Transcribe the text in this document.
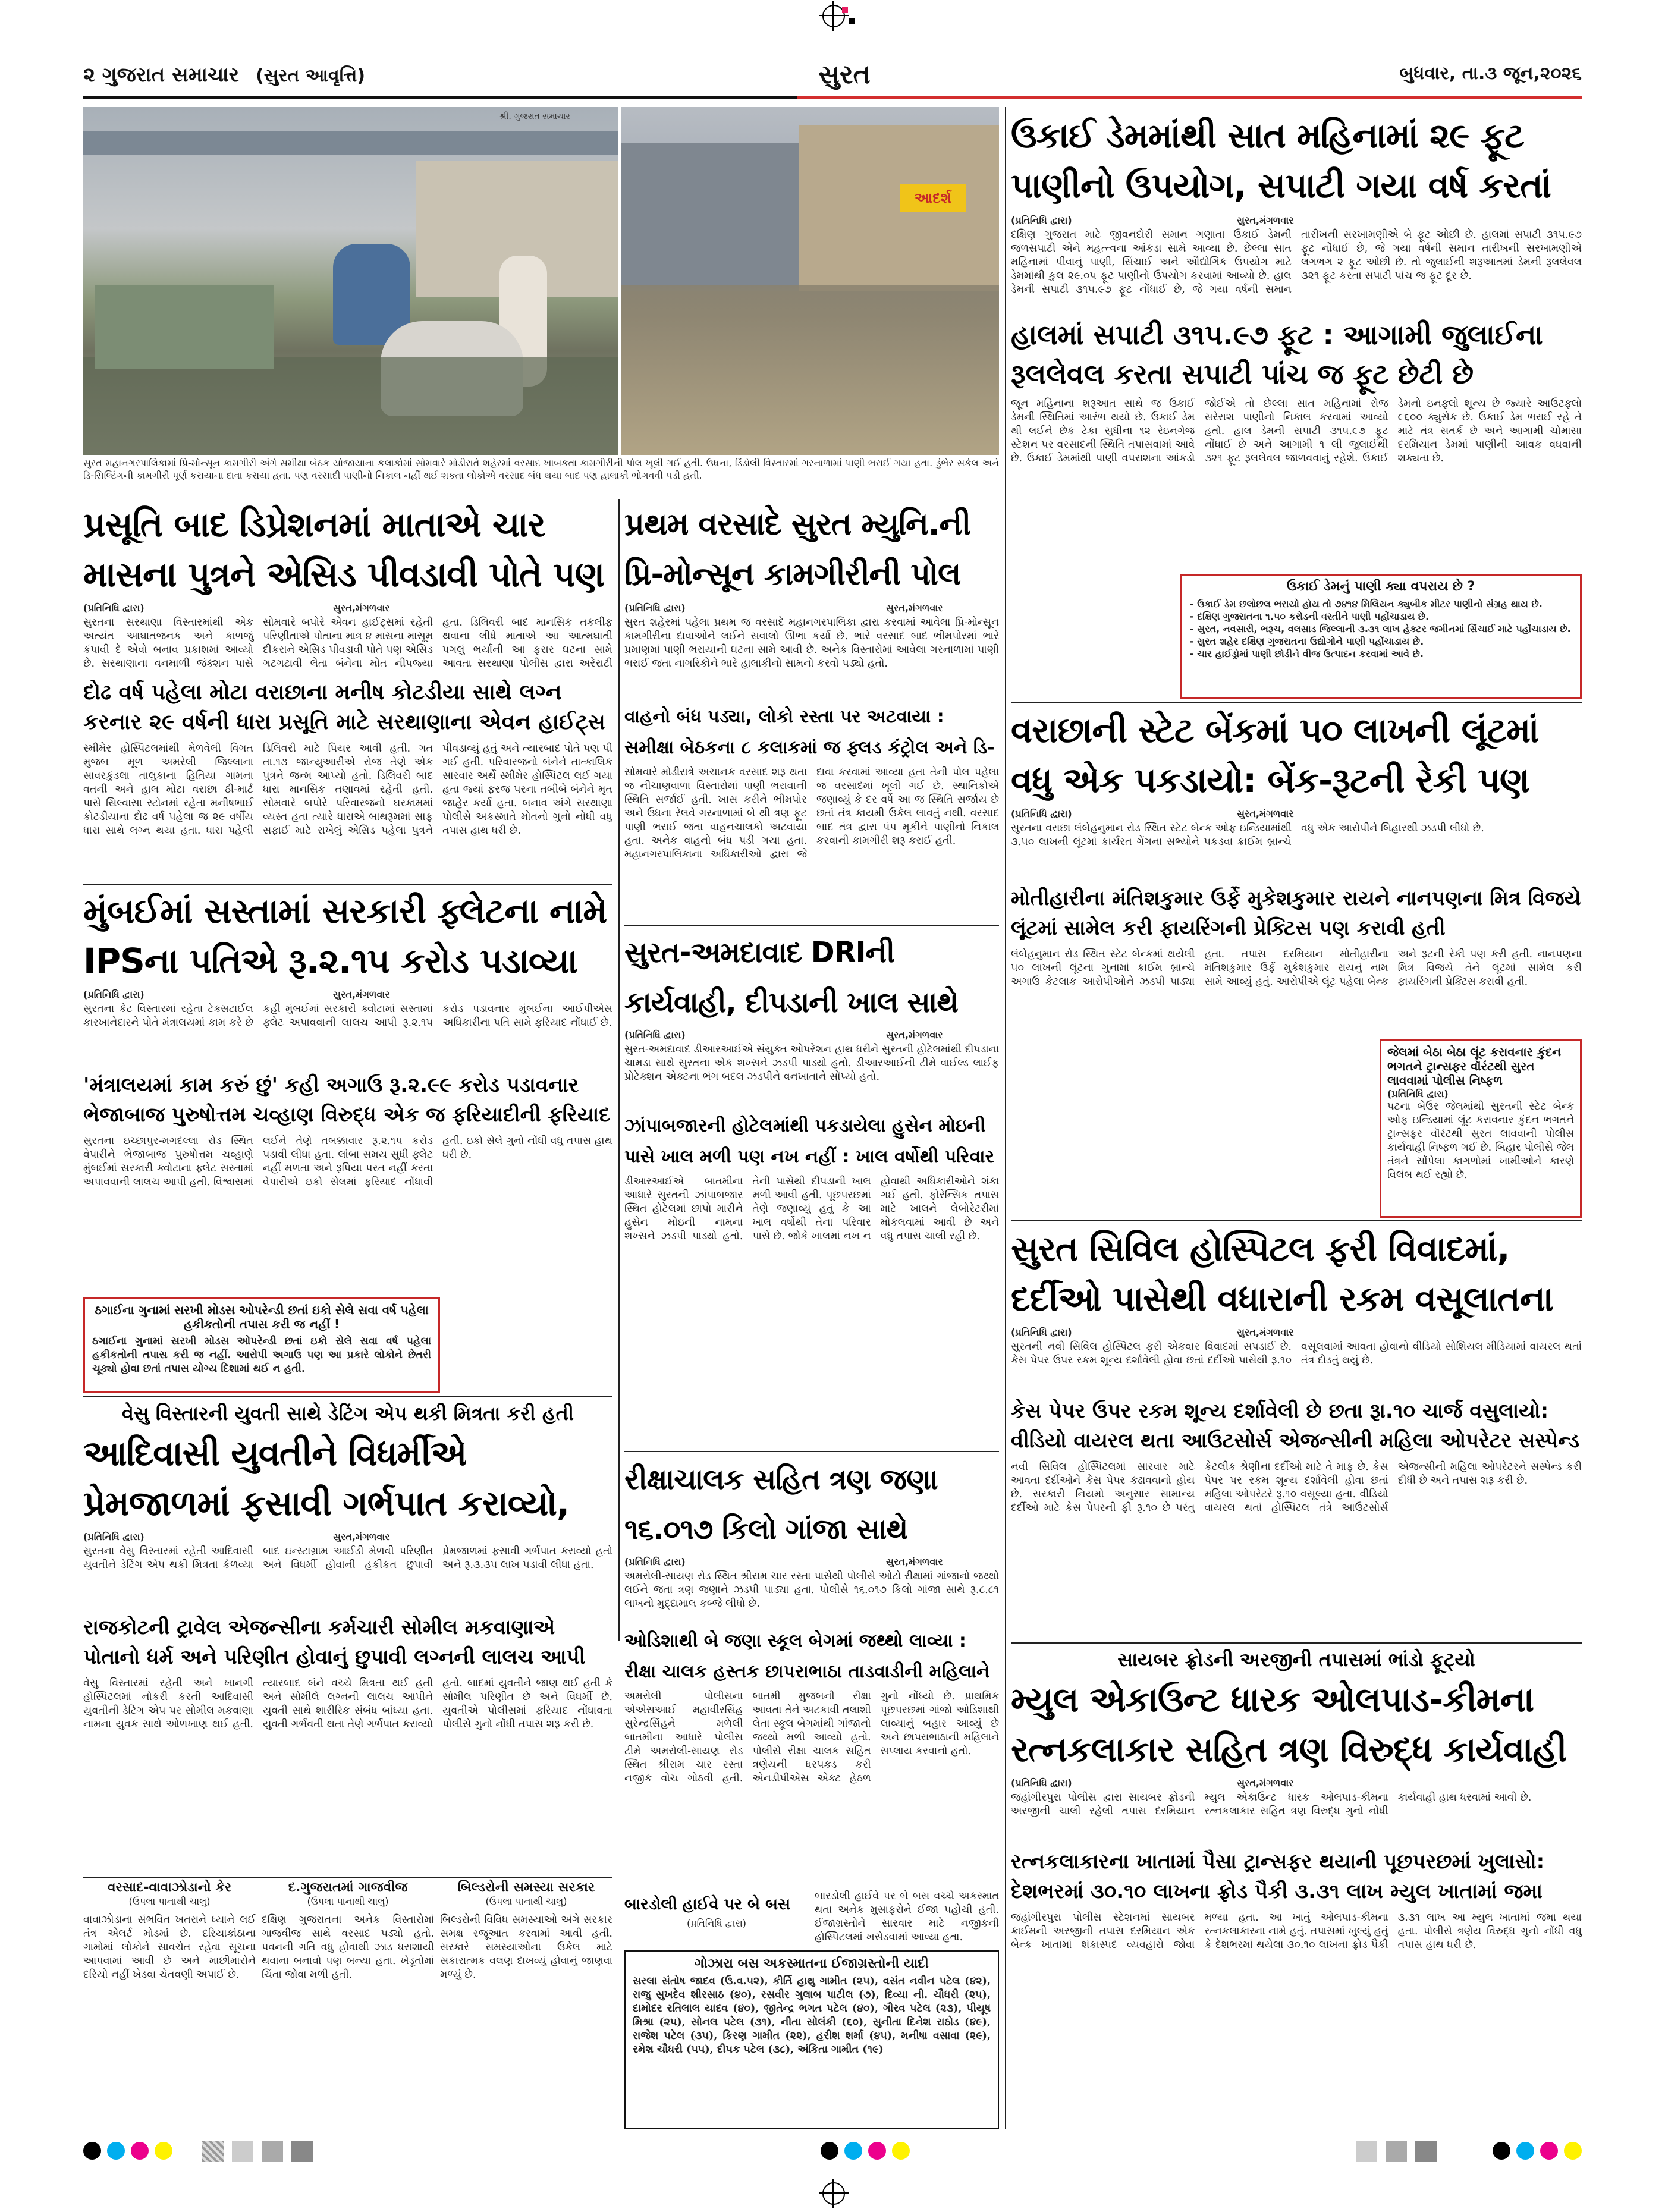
૨ ગુજરાત સમાચાર (સુરત આવૃત્તિ)	સુરત	બુધવાર, તા.૩ જૂન,૨૦૨૬
શ્રી. ગુજરાત સમાચાર
આદર્શ
સુરત મહાનગરપાલિકામાં પ્રિ-મોન્સૂન કામગીરી અંગે સમીક્ષા બેઠક યોજાયાના કલાકોમાં સોમવારે મોડીરાતે શહેરમાં વરસાદ ખાબકતા કામગીરીની પોલ ખૂલી ગઈ હતી. ઉધના, ડિંડોલી વિસ્તારમાં ગરનાળામાં પાણી ભરાઈ ગયા હતા. ડુંભેર સર્કલ અને ડિ-સિલ્ટિંગની કામગીરી પૂર્ણ કરાયાના દાવા કરાયા હતા. પણ વરસાદી પાણીનો નિકાલ નહીં થઈ શકતા લોકોએ વરસાદ બંધ થયા બાદ પણ હાલાકી ભોગવવી પડી હતી.
ઉકાઈ ડેમમાંથી સાત મહિનામાં ૨૯ ફૂટ પાણીનો ઉપયોગ, સપાટી ગયા વર્ષ કરતાં
(પ્રતિનિધિ દ્વારા)	સુરત,મંગળવાર
દક્ષિણ ગુજરાત માટે જીવનદોરી સમાન ગણાતા ઉકાઈ ડેમની જળસપાટી એને મહત્ત્વના આંકડા સામે આવ્યા છે. છેલ્લા સાત મહિનામાં પીવાનું પાણી, સિંચાઈ અને ઔદ્યોગિક ઉપયોગ માટે ડેમમાંથી કુલ ૨૯.૦૫ ફૂટ પાણીનો ઉપયોગ કરવામાં આવ્યો છે. હાલ ડેમની સપાટી ૩૧૫.૯૭ ફૂટ નોંધાઈ છે, જે ગયા વર્ષની સમાન તારીખની સરખામણીએ બે ફૂટ ઓછી છે. હાલમાં સપાટી ૩૧૫.૯૭ ફૂટ નોંધાઈ છે, જે ગયા વર્ષની સમાન તારીખની સરખામણીએ લગભગ ૨ ફૂટ ઓછી છે. તો જુલાઈની શરૂઆતમાં ડેમની રૂલલેવલ ૩૨૧ ફૂટ કરતા સપાટી પાંચ જ ફૂટ દૂર છે.
હાલમાં સપાટી ૩૧૫.૯૭ ફૂટ : આગામી જુલાઈના રૂલલેવલ કરતા સપાટી પાંચ જ ફૂટ છેટી છે
જૂન મહિનાના શરૂઆત સાથે જ ઉકાઈ ડેમની સ્થિતિમાં આરંભ થયો છે. ઉકાઈ ડેમ થી લઈને છેક ટેકા સુધીના ૧૨ રેઇનગેજ સ્ટેશન પર વરસાદની સ્થિતિ તપાસવામાં આવે છે. ઉકાઈ ડેમમાંથી પાણી વપરાશના આંકડો જોઈએ તો છેલ્લા સાત મહિનામાં રોજ સરેરાશ પાણીનો નિકાલ કરવામાં આવ્યો હતો. હાલ ડેમની સપાટી ૩૧૫.૯૭ ફૂટ નોંધાઈ છે અને આગામી ૧ લી જુલાઈથી ૩૨૧ ફૂટ રૂલલેવલ જાળવવાનું રહેશે. ઉકાઈ ડેમનો ઇનફ્લો શૂન્ય છે જ્યારે આઉટફ્લો ૯૬૦૦ ક્યુસેક છે. ઉકાઈ ડેમ ભરાઈ રહે તે માટે તંત્ર સતર્ક છે અને આગામી ચોમાસા દરમિયાન ડેમમાં પાણીની આવક વધવાની શક્યતા છે.
ઉકાઈ ડેમનું પાણી ક્યા વપરાય છે ?
- ઉકાઈ ડેમ છલોછલ ભરાયો હોય તો ૭૪૧૪ મિલિયન ક્યુબીક મીટર પાણીનો સંગ્રહ થાય છે.
- દક્ષિણ ગુજરાતના ૧.૫૦ કરોડની વસ્તીને પાણી પહોંચાડાય છે.
- સુરત, નવસારી, ભરૂચ, વલસાડ જિલ્લાની ૩.૩૧ લાખ હેક્ટર જમીનમાં સિંચાઈ માટે પહોંચાડાય છે.
- સુરત શહેર દક્ષિણ ગુજરાતના ઉદ્યોગોને પાણી પહોંચાડાય છે.
- ચાર હાઈડ્રોમાં પાણી છોડીને વીજ ઉત્પાદન કરવામાં આવે છે.
પ્રસૂતિ બાદ ડિપ્રેશનમાં માતાએ ચાર માસના પુત્રને એસિડ પીવડાવી પોતે પણ
(પ્રતિનિધિ દ્વારા)	સુરત,મંગળવાર
સુરતના સરથાણા વિસ્તારમાંથી એક અત્યંત આઘાતજનક અને કાળજું કંપાવી દે એવો બનાવ પ્રકાશમાં આવ્યો છે. સરથાણાના વનમાળી જંક્શન પાસે સોમવારે બપોરે એવન હાઈટ્સમાં રહેતી પરિણીતાએ પોતાના માત્ર ૪ માસના માસૂમ દીકરાને એસિડ પીવડાવી પોતે પણ એસિડ ગટગટાવી લેતા બંનેના મોત નીપજ્યા હતા. ડિલિવરી બાદ માનસિક તકલીફ થવાના લીધે માતાએ આ આત્મઘાતી પગલું ભર્યાની આ ફરાર ઘટના સામે આવતા સરથાણા પોલીસ દ્વારા અરેરાટી
દોઢ વર્ષ પહેલા મોટા વરાછાના મનીષ કોટડીયા સાથે લગ્ન કરનાર ૨૯ વર્ષની ધારા પ્રસૂતિ માટે સરથાણાના એવન હાઈટ્સ
સ્મીમેર હોસ્પિટલમાંથી મેળવેલી વિગત મુજબ મૂળ અમરેલી જિલ્લાના સાવરકુંડલા તાલુકાના હિતિયા ગામના વતની અને હાલ મોટા વરાછા ઠી-માર્ટ પાસે સિલ્વાસા સ્ટોનમાં રહેતા મનીષભાઈ કોટડીયાના દોઢ વર્ષ પહેલા જ ૨૯ વર્ષીય ધારા સાથે લગ્ન થયા હતા. ધારા પહેલી ડિલિવરી માટે પિયર આવી હતી. ગત તા.૧૩ જાન્યુઆરીએ રોજ તેણે એક પુત્રને જન્મ આપ્યો હતો. ડિલિવરી બાદ ધારા માનસિક તણાવમાં રહેતી હતી. સોમવારે બપોરે પરિવારજનો ઘરકામમાં વ્યસ્ત હતા ત્યારે ધારાએ બાથરૂમમાં સાફ સફાઈ માટે રાખેલું એસિડ પહેલા પુત્રને પીવડાવ્યું હતું અને ત્યારબાદ પોતે પણ પી ગઈ હતી. પરિવારજનો બંનેને તાત્કાલિક સારવાર અર્થે સ્મીમેર હોસ્પિટલ લઈ ગયા હતા જ્યાં ફરજ પરના તબીબે બંનેને મૃત જાહેર કર્યા હતા. બનાવ અંગે સરથાણા પોલીસે અકસ્માતે મોતનો ગુનો નોંધી વધુ તપાસ હાથ ધરી છે.
પ્રથમ વરસાદે સુરત મ્યુનિ.ની પ્રિ-મોન્સૂન કામગીરીની પોલ
(પ્રતિનિધિ દ્વારા)	સુરત,મંગળવાર
સુરત શહેરમાં પહેલા પ્રથમ જ વરસાદે મહાનગરપાલિકા દ્વારા કરવામાં આવેલા પ્રિ-મોન્સૂન કામગીરીના દાવાઓને લઈને સવાલો ઊભા કર્યા છે. ભારે વરસાદ બાદ ભીમપોરમાં ભારે પ્રમાણમાં પાણી ભરાયાની ઘટના સામે આવી છે. અનેક વિસ્તારોમાં આવેલા ગરનાળામાં પાણી ભરાઈ જતા નાગરિકોને ભારે હાલાકીનો સામનો કરવો પડ્યો હતો.
વાહનો બંધ પડ્યા, લોકો રસ્તા પર અટવાયા : સમીક્ષા બેઠકના ૮ કલાકમાં જ ફ્લડ કંટ્રોલ અને ડિ-
સોમવારે મોડીરાત્રે અચાનક વરસાદ શરૂ થતા જ નીચાણવાળા વિસ્તારોમાં પાણી ભરાવાની સ્થિતિ સર્જાઈ હતી. ખાસ કરીને ભીમપોર અને ઉધના રેલવે ગરનાળામાં બે થી ત્રણ ફૂટ પાણી ભરાઈ જતા વાહનચાલકો અટવાયા હતા. અનેક વાહનો બંધ પડી ગયા હતા. મહાનગરપાલિકાના અધિકારીઓ દ્વારા જે દાવા કરવામાં આવ્યા હતા તેની પોલ પહેલા જ વરસાદમાં ખૂલી ગઈ છે. સ્થાનિકોએ જણાવ્યું કે દર વર્ષે આ જ સ્થિતિ સર્જાય છે છતાં તંત્ર કાયમી ઉકેલ લાવતું નથી. વરસાદ બાદ તંત્ર દ્વારા પંપ મૂકીને પાણીનો નિકાલ કરવાની કામગીરી શરૂ કરાઈ હતી.
સુરત-અમદાવાદ DRIની કાર્યવાહી, દીપડાની ખાલ સાથે
(પ્રતિનિધિ દ્વારા)	સુરત,મંગળવાર
સુરત-અમદાવાદ ડીઆરઆઈએ સંયુક્ત ઓપરેશન હાથ ધરીને સુરતની હોટેલમાંથી દીપડાના ચામડા સાથે સુરતના એક શખ્સને ઝડપી પાડ્યો હતો. ડીઆરઆઈની ટીમે વાઈલ્ડ લાઈફ પ્રોટેક્શન એક્ટના ભંગ બદલ ઝડપીને વનખાતાને સોંપ્યો હતો.
ઝાંપાબજારની હોટેલમાંથી પકડાયેલા હુસેન મોઇની પાસે ખાલ મળી પણ નખ નહીં : ખાલ વર્ષોથી પરિવાર
ડીઆરઆઈએ બાતમીના આધારે સુરતની ઝાંપાબજાર સ્થિત હોટેલમાં છાપો મારીને હુસેન મોઇની નામના શખ્સને ઝડપી પાડ્યો હતો. તેની પાસેથી દીપડાની ખાલ મળી આવી હતી. પૂછપરછમાં તેણે જણાવ્યું હતું કે આ ખાલ વર્ષોથી તેના પરિવાર પાસે છે. જોકે ખાલમાં નખ ન હોવાથી અધિકારીઓને શંકા ગઈ હતી. ફોરેન્સિક તપાસ માટે ખાલને લેબોરેટરીમાં મોકલવામાં આવી છે અને વધુ તપાસ ચાલી રહી છે.
રીક્ષાચાલક સહિત ત્રણ જણા ૧૬.૦૧૭ કિલો ગાંજા સાથે
(પ્રતિનિધિ દ્વારા)	સુરત,મંગળવાર
અમરોલી-સાયણ રોડ સ્થિત શ્રીરામ ચાર રસ્તા પાસેથી પોલીસે ઓટો રીક્ષામાં ગાંજાનો જથ્થો લઈને જતા ત્રણ જણાને ઝડપી પાડ્યા હતા. પોલીસે ૧૬.૦૧૭ કિલો ગાંજા સાથે રૂ.૮.૮૧ લાખનો મુદ્દામાલ કબ્જે લીધો છે.
ઓડિશાથી બે જણા સ્કૂલ બેગમાં જથ્થો લાવ્યા : રીક્ષા ચાલક હસ્તક છાપરાભાઠા તાડવાડીની મહિલાને
અમરોલી પોલીસના એએસઆઈ મહાવીરસિંહ સુરેન્દ્રસિંહને મળેલી બાતમીના આધારે પોલીસ ટીમે અમરોલી-સાયણ રોડ સ્થિત શ્રીરામ ચાર રસ્તા નજીક વોચ ગોઠવી હતી. બાતમી મુજબની રીક્ષા આવતા તેને અટકાવી તલાશી લેતા સ્કૂલ બેગમાંથી ગાંજાનો જથ્થો મળી આવ્યો હતો. પોલીસે રીક્ષા ચાલક સહિત ત્રણેયની ધરપકડ કરી એનડીપીએસ એક્ટ હેઠળ ગુનો નોંધ્યો છે. પ્રાથમિક પૂછપરછમાં ગાંજો ઓડિશાથી લાવ્યાનું બહાર આવ્યું છે અને છાપરાભાઠાની મહિલાને સપ્લાય કરવાનો હતો.
બારડોલી હાઈવે પર બે બસ
(પ્રતિનિધિ દ્વારા)
બારડોલી હાઈવે પર બે બસ વચ્ચે અકસ્માત થતા અનેક મુસાફરોને ઈજા પહોંચી હતી. ઈજાગ્રસ્તોને સારવાર માટે નજીકની હોસ્પિટલમાં ખસેડવામાં આવ્યા હતા.
ગોઝારા બસ અકસ્માતના ઈજાગ્રસ્તોની યાદી
સરલા સંતોષ જાદવ (ઉ.વ.૫૨), કીર્તિ હાથુ ગામીત (૨૫), વસંત નવીન પટેલ (૪૨), રાજુ સુખદેવ શીરસાઠ (૪૦), રસવીર ગુલાબ પાટીલ (૭), દિવ્યા ની. ચૌધરી (૨૫), દામોદર રતિલાલ યાદવ (૪૦), જીતેન્દ્ર ભગત પટેલ (૪૦), ગૌરવ પટેલ (૨૩), પીયૂષ મિશ્રા (૨૫), સોનલ પટેલ (૩૧), નીતા સોલંકી (૬૦), સુનીતા દિનેશ રાઠોડ (૪૯), રાજેશ પટેલ (૩૫), કિરણ ગામીત (૨૨), હરીશ શર્મા (૪૫), મનીષા વસાવા (૨૯), રમેશ ચૌધરી (૫૫), દીપક પટેલ (૩૮), અંકિતા ગામીત (૧૯)
મુંબઈમાં સસ્તામાં સરકારી ફ્લેટના નામે IPSના પતિએ રૂ.૨.૧૫ કરોડ પડાવ્યા
(પ્રતિનિધિ દ્વારા)	સુરત,મંગળવાર
સુરતના કેટ વિસ્તારમાં રહેતા ટેક્સટાઈલ કારખાનેદારને પોતે મંત્રાલયમાં કામ કરે છે કહી મુંબઈમાં સરકારી ક્વોટામાં સસ્તામાં ફ્લેટ અપાવવાની લાલચ આપી રૂ.૨.૧૫ કરોડ પડાવનાર મુંબઈના આઈપીએસ અધિકારીના પતિ સામે ફરિયાદ નોંધાઈ છે.
'મંત્રાલયમાં કામ કરું છું' કહી અગાઉ રૂ.૨.૯૯ કરોડ પડાવનાર ભેજાબાજ પુરુષોત્તમ ચવ્હાણ વિરુદ્ધ એક જ ફરિયાદીની ફરિયાદ
સુરતના ઇચ્છાપુર-મગદલ્લા રોડ સ્થિત વેપારીને ભેજાબાજ પુરુષોત્તમ ચવ્હાણે મુંબઈમાં સરકારી ક્વોટાના ફ્લેટ સસ્તામાં અપાવવાની લાલચ આપી હતી. વિશ્વાસમાં લઈને તેણે તબક્કાવાર રૂ.૨.૧૫ કરોડ પડાવી લીધા હતા. લાંબા સમય સુધી ફ્લેટ નહીં મળતા અને રૂપિયા પરત નહીં કરતા વેપારીએ ઇકો સેલમાં ફરિયાદ નોંધાવી હતી. ઇકો સેલે ગુનો નોંધી વધુ તપાસ હાથ ધરી છે.
ઠગાઈના ગુનામાં સરખી મોડસ ઓપરેન્ડી છતાં ઇકો સેલે સવા વર્ષ પહેલા હકીકતોની તપાસ કરી જ નહીં !
ઠગાઈના ગુનામાં સરખી મોડસ ઓપરેન્ડી છતાં ઇકો સેલે સવા વર્ષ પહેલા હકીકતોની તપાસ કરી જ નહીં. આરોપી અગાઉ પણ આ પ્રકારે લોકોને છેતરી ચૂક્યો હોવા છતાં તપાસ યોગ્ય દિશામાં થઈ ન હતી.
વેસુ વિસ્તારની યુવતી સાથે ડેટિંગ એપ થકી મિત્રતા કરી હતી
આદિવાસી યુવતીને વિધર્મીએ પ્રેમજાળમાં ફસાવી ગર્ભપાત કરાવ્યો,
(પ્રતિનિધિ દ્વારા)	સુરત,મંગળવાર
સુરતના વેસુ વિસ્તારમાં રહેતી આદિવાસી યુવતીને ડેટિંગ એપ થકી મિત્રતા કેળવ્યા બાદ ઇન્સ્ટાગ્રામ આઈડી મેળવી પરિણીત અને વિધર્મી હોવાની હકીકત છુપાવી પ્રેમજાળમાં ફસાવી ગર્ભપાત કરાવ્યો હતો અને રૂ.૩.૩૫ લાખ પડાવી લીધા હતા.
રાજકોટની ટ્રાવેલ એજન્સીના કર્મચારી સોમીલ મકવાણાએ પોતાનો ધર્મ અને પરિણીત હોવાનું છુપાવી લગ્નની લાલચ આપી
વેસુ વિસ્તારમાં રહેતી અને ખાનગી હોસ્પિટલમાં નોકરી કરતી આદિવાસી યુવતીની ડેટિંગ એપ પર સોમીલ મકવાણા નામના યુવક સાથે ઓળખાણ થઈ હતી. ત્યારબાદ બંને વચ્ચે મિત્રતા થઈ હતી અને સોમીલે લગ્નની લાલચ આપીને યુવતી સાથે શારીરિક સંબંધ બાંધ્યા હતા. યુવતી ગર્ભવતી થતા તેણે ગર્ભપાત કરાવ્યો હતો. બાદમાં યુવતીને જાણ થઈ હતી કે સોમીલ પરિણીત છે અને વિધર્મી છે. યુવતીએ પોલીસમાં ફરિયાદ નોંધાવતા પોલીસે ગુનો નોંધી તપાસ શરૂ કરી છે.
વરસાદ-વાવાઝોડાનો કેર
(ઉપલા પાનાથી ચાલુ)
વાવાઝોડાના સંભવિત ખતરાને ધ્યાને લઈ તંત્ર એલર્ટ મોડમાં છે. દરિયાકાંઠાના ગામોમાં લોકોને સાવચેત રહેવા સૂચના આપવામાં આવી છે અને માછીમારોને દરિયો નહીં ખેડવા ચેતવણી અપાઈ છે.
દ.ગુજરાતમાં ગાજવીજ
(ઉપલા પાનાથી ચાલુ)
દક્ષિણ ગુજરાતના અનેક વિસ્તારોમાં ગાજવીજ સાથે વરસાદ પડ્યો હતો. પવનની ગતિ વધુ હોવાથી ઝાડ ધરાશાયી થવાના બનાવો પણ બન્યા હતા. ખેડૂતોમાં ચિંતા જોવા મળી હતી.
બિલ્ડરોની સમસ્યા સરકાર
(ઉપલા પાનાથી ચાલુ)
બિલ્ડરોની વિવિધ સમસ્યાઓ અંગે સરકાર સમક્ષ રજૂઆત કરવામાં આવી હતી. સરકારે સમસ્યાઓના ઉકેલ માટે સકારાત્મક વલણ દાખવ્યું હોવાનું જાણવા મળ્યું છે.
વરાછાની સ્ટેટ બેંકમાં ૫૦ લાખની લૂંટમાં વધુ એક પકડાયો: બેંક-રૂટની રેકી પણ
(પ્રતિનિધિ દ્વારા)	સુરત,મંગળવાર
સુરતના વરાછા લંબેહનુમાન રોડ સ્થિત સ્ટેટ બેન્ક ઓફ ઇન્ડિયામાંથી ૩.૫૦ લાખની લૂંટમાં કાર્યરત ગેંગના સભ્યોને પકડવા ક્રાઈમ બ્રાન્ચે વધુ એક આરોપીને બિહારથી ઝડપી લીધો છે.
મોતીહારીના મંતિશકુમાર ઉર્ફે મુકેશકુમાર રાયને નાનપણના મિત્ર વિજયે લૂંટમાં સામેલ કરી ફાયરિંગની પ્રેક્ટિસ પણ કરાવી હતી
લંબેહનુમાન રોડ સ્થિત સ્ટેટ બેન્કમાં થયેલી ૫૦ લાખની લૂંટના ગુનામાં ક્રાઈમ બ્રાન્ચે અગાઉ કેટલાક આરોપીઓને ઝડપી પાડ્યા હતા. તપાસ દરમિયાન મોતીહારીના મંતિશકુમાર ઉર્ફે મુકેશકુમાર રાયનું નામ સામે આવ્યું હતું. આરોપીએ લૂંટ પહેલા બેન્ક અને રૂટની રેકી પણ કરી હતી. નાનપણના મિત્ર વિજયે તેને લૂંટમાં સામેલ કરી ફાયરિંગની પ્રેક્ટિસ કરાવી હતી.
જેલમાં બેઠા બેઠા લૂંટ કરાવનાર કુંદન ભગતને ટ્રાન્સફર વૉરંટથી સુરત લાવવામાં પોલીસ નિષ્ફળ
(પ્રતિનિધિ દ્વારા)
પટના બેઉર જેલમાંથી સુરતની સ્ટેટ બેન્ક ઓફ ઇન્ડિયામાં લૂંટ કરાવનાર કુંદન ભગતને ટ્રાન્સફર વૉરંટથી સુરત લાવવાની પોલીસ કાર્યવાહી નિષ્ફળ ગઈ છે. બિહાર પોલીસે જેલ તંત્રને સોંપેલા કાગળોમાં ખામીઓને કારણે વિલંબ થઈ રહ્યો છે.
સુરત સિવિલ હોસ્પિટલ ફરી વિવાદમાં, દર્દીઓ પાસેથી વધારાની રકમ વસૂલાતના
(પ્રતિનિધિ દ્વારા)	સુરત,મંગળવાર
સુરતની નવી સિવિલ હોસ્પિટલ ફરી એકવાર વિવાદમાં સપડાઈ છે. કેસ પેપર ઉપર રકમ શૂન્ય દર્શાવેલી હોવા છતાં દર્દીઓ પાસેથી રૂ.૧૦ વસૂલવામાં આવતા હોવાનો વીડિયો સોશિયલ મીડિયામાં વાયરલ થતાં તંત્ર દોડતું થયું છે.
કેસ પેપર ઉપર રકમ શૂન્ય દર્શાવેલી છે છતા રૂા.૧૦ ચાર્જ વસુલાયો: વીડિયો વાયરલ થતા આઉટસોર્સ એજન્સીની મહિલા ઓપરેટર સસ્પેન્ડ
નવી સિવિલ હોસ્પિટલમાં સારવાર માટે આવતા દર્દીઓને કેસ પેપર કઢાવવાનો હોય છે. સરકારી નિયમો અનુસાર સામાન્ય દર્દીઓ માટે કેસ પેપરની ફી રૂ.૧૦ છે પરંતુ કેટલીક શ્રેણીના દર્દીઓ માટે તે માફ છે. કેસ પેપર પર રકમ શૂન્ય દર્શાવેલી હોવા છતાં મહિલા ઓપરેટરે રૂ.૧૦ વસૂલ્યા હતા. વીડિયો વાયરલ થતાં હોસ્પિટલ તંત્રે આઉટસોર્સ એજન્સીની મહિલા ઓપરેટરને સસ્પેન્ડ કરી દીધી છે અને તપાસ શરૂ કરી છે.
સાયબર ફ્રોડની અરજીની તપાસમાં ભાંડો ફૂટ્યો
મ્યુલ એકાઉન્ટ ધારક ઓલપાડ-કીમના રત્નકલાકાર સહિત ત્રણ વિરુદ્ધ કાર્યવાહી
(પ્રતિનિધિ દ્વારા)	સુરત,મંગળવાર
જહાંગીરપુરા પોલીસ દ્વારા સાયબર ફ્રોડની અરજીની ચાલી રહેલી તપાસ દરમિયાન મ્યુલ એકાઉન્ટ ધારક ઓલપાડ-કીમના રત્નકલાકાર સહિત ત્રણ વિરુદ્ધ ગુનો નોંધી કાર્યવાહી હાથ ધરવામાં આવી છે.
રત્નકલાકારના ખાતામાં પૈસા ટ્રાન્સફર થયાની પૂછપરછમાં ખુલાસો: દેશભરમાં ૩૦.૧૦ લાખના ફ્રોડ પૈકી ૩.૩૧ લાખ મ્યુલ ખાતામાં જમા
જહાંગીરપુરા પોલીસ સ્ટેશનમાં સાયબર ક્રાઈમની અરજીની તપાસ દરમિયાન એક બેન્ક ખાતામાં શંકાસ્પદ વ્યવહારો જોવા મળ્યા હતા. આ ખાતું ઓલપાડ-કીમના રત્નકલાકારના નામે હતું. તપાસમાં ખુલ્યું હતું કે દેશભરમાં થયેલા ૩૦.૧૦ લાખના ફ્રોડ પૈકી ૩.૩૧ લાખ આ મ્યુલ ખાતામાં જમા થયા હતા. પોલીસે ત્રણેય વિરુદ્ધ ગુનો નોંધી વધુ તપાસ હાથ ધરી છે.
